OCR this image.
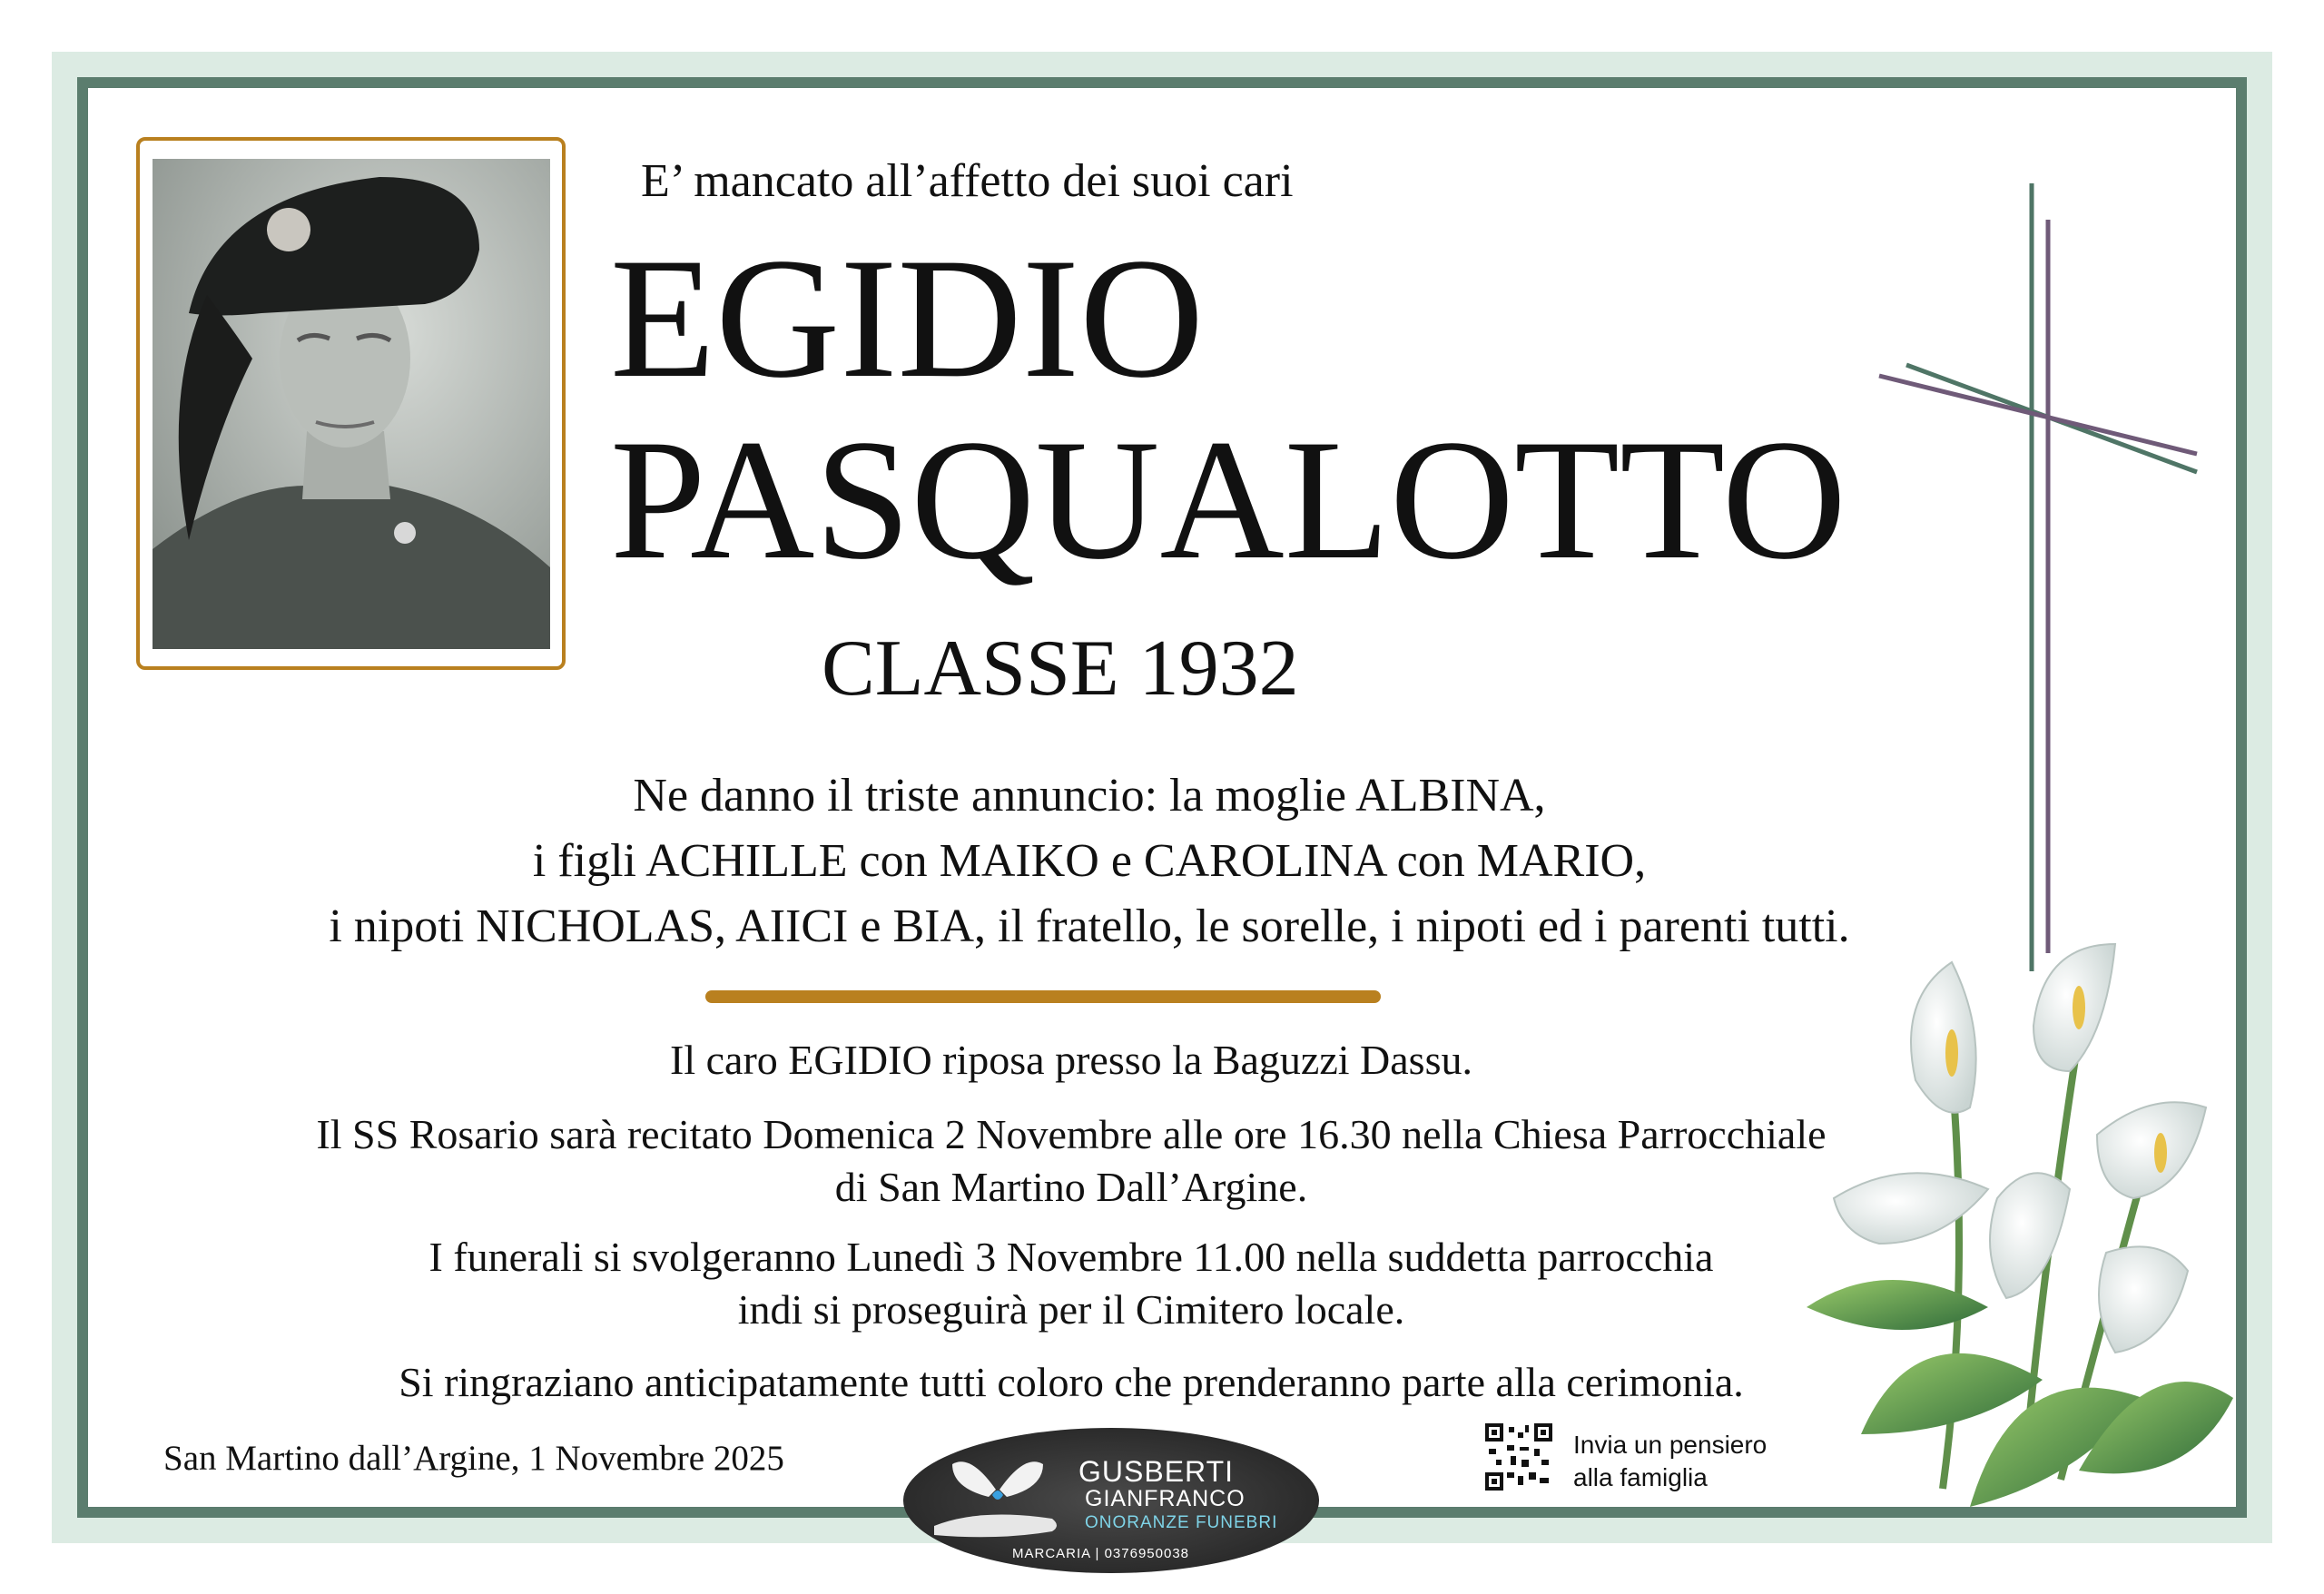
E’ mancato all’affetto dei suoi cari
EGIDIO
PASQUALOTTO
CLASSE 1932
Ne danno il triste annuncio: la moglie ALBINA,
i figli ACHILLE con MAIKO e CAROLINA con MARIO,
i nipoti NICHOLAS, AIICI e BIA, il fratello, le sorelle, i nipoti ed i parenti tutti.
Il caro EGIDIO riposa presso la Baguzzi Dassu.
Il SS Rosario sarà recitato Domenica 2 Novembre alle ore 16.30 nella Chiesa Parrocchiale
di San Martino Dall’Argine.
I funerali si svolgeranno Lunedì 3 Novembre 11.00 nella suddetta parrocchia
indi si proseguirà per il Cimitero locale.
Si ringraziano anticipatamente tutti coloro che prenderanno parte alla cerimonia.
San Martino dall’Argine, 1 Novembre 2025	GUSBERTI
GIANFRANCO
ONORANZE FUNEBRI
MARCARIA | 0376950038
Invia un pensiero
alla famiglia
